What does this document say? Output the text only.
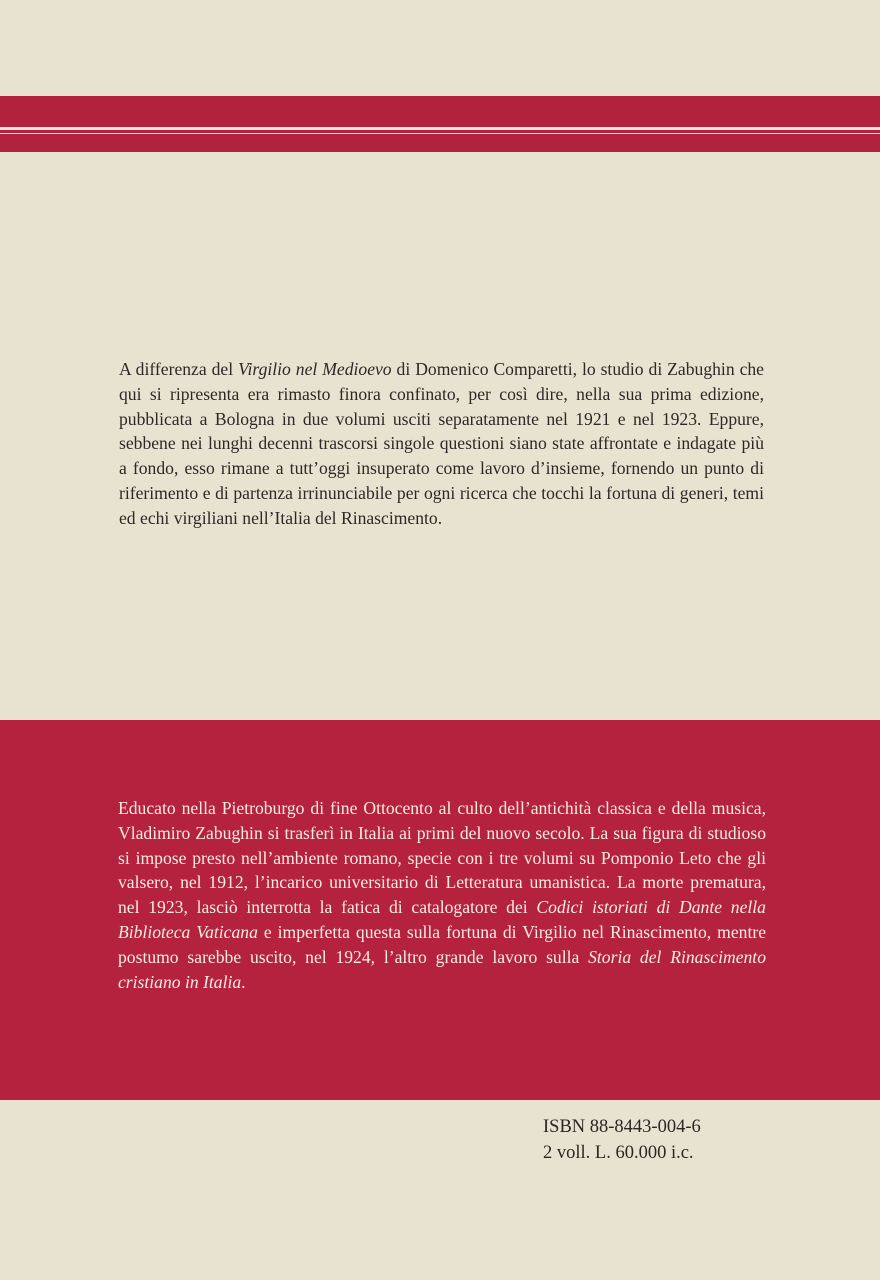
A differenza del Virgilio nel Medioevo di Domenico Comparetti, lo studio di Zabughin che qui si ripresenta era rimasto finora confinato, per così dire, nella sua prima edizione, pubblicata a Bologna in due volumi usciti separatamente nel 1921 e nel 1923. Eppure, sebbene nei lunghi decenni trascorsi singole questioni siano state affrontate e indagate più a fondo, esso rimane a tutt’oggi insuperato come lavoro d’insieme, fornendo un punto di riferimento e di partenza irrinunciabile per ogni ricerca che tocchi la fortuna di generi, temi ed echi virgiliani nell’Italia del Rinascimento.

Educato nella Pietroburgo di fine Ottocento al culto dell’antichità classica e della musica, Vladimiro Zabughin si trasferì in Italia ai primi del nuovo secolo. La sua figura di studioso si impose presto nell’ambiente romano, specie con i tre volumi su Pomponio Leto che gli valsero, nel 1912, l’incarico universitario di Letteratura umanistica. La morte prematura, nel 1923, lasciò interrotta la fatica di catalogatore dei Codici istoriati di Dante nella Biblioteca Vaticana e imperfetta questa sulla fortuna di Virgilio nel Rinascimento, mentre postumo sarebbe uscito, nel 1924, l’altro grande lavoro sulla Storia del Rinascimento cristiano in Italia.

ISBN 88-8443-004-6
2 voll. L. 60.000 i.c.
